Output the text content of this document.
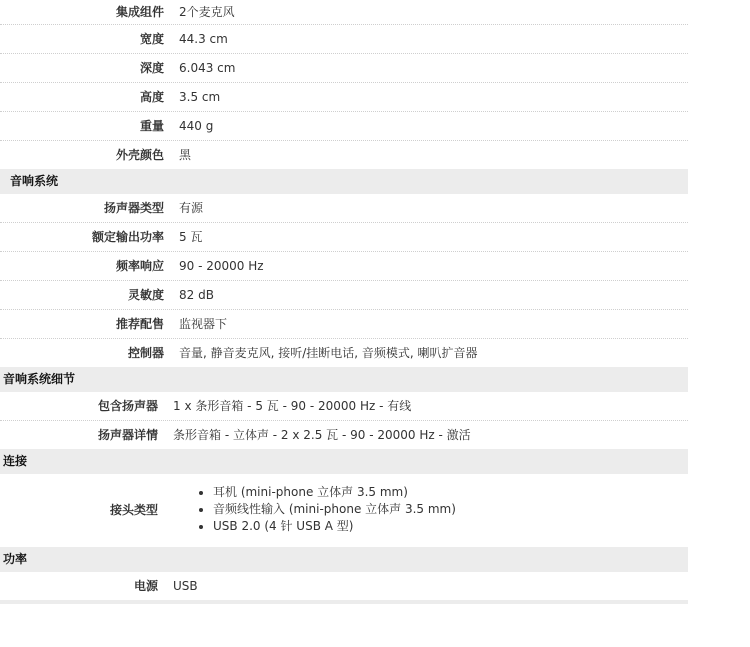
集成组件 2个麦克风
宽度 44.3 cm
深度 6.043 cm
高度 3.5 cm
重量 440 g
外壳颜色 黑
音响系统
扬声器类型 有源
额定输出功率 5 瓦
频率响应 90 - 20000 Hz
灵敏度 82 dB
推荐配售 监视器下
控制器 音量, 静音麦克风, 接听/挂断电话, 音频模式, 喇叭扩音器
音响系统细节
包含扬声器 1 x 条形音箱 - 5 瓦 - 90 - 20000 Hz - 有线
扬声器详情 条形音箱 - 立体声 - 2 x 2.5 瓦 - 90 - 20000 Hz - 激活
连接
接头类型
• 耳机 (mini-phone 立体声 3.5 mm)
• 音频线性输入 (mini-phone 立体声 3.5 mm)
• USB 2.0 (4 针 USB A 型)
功率
电源 USB
